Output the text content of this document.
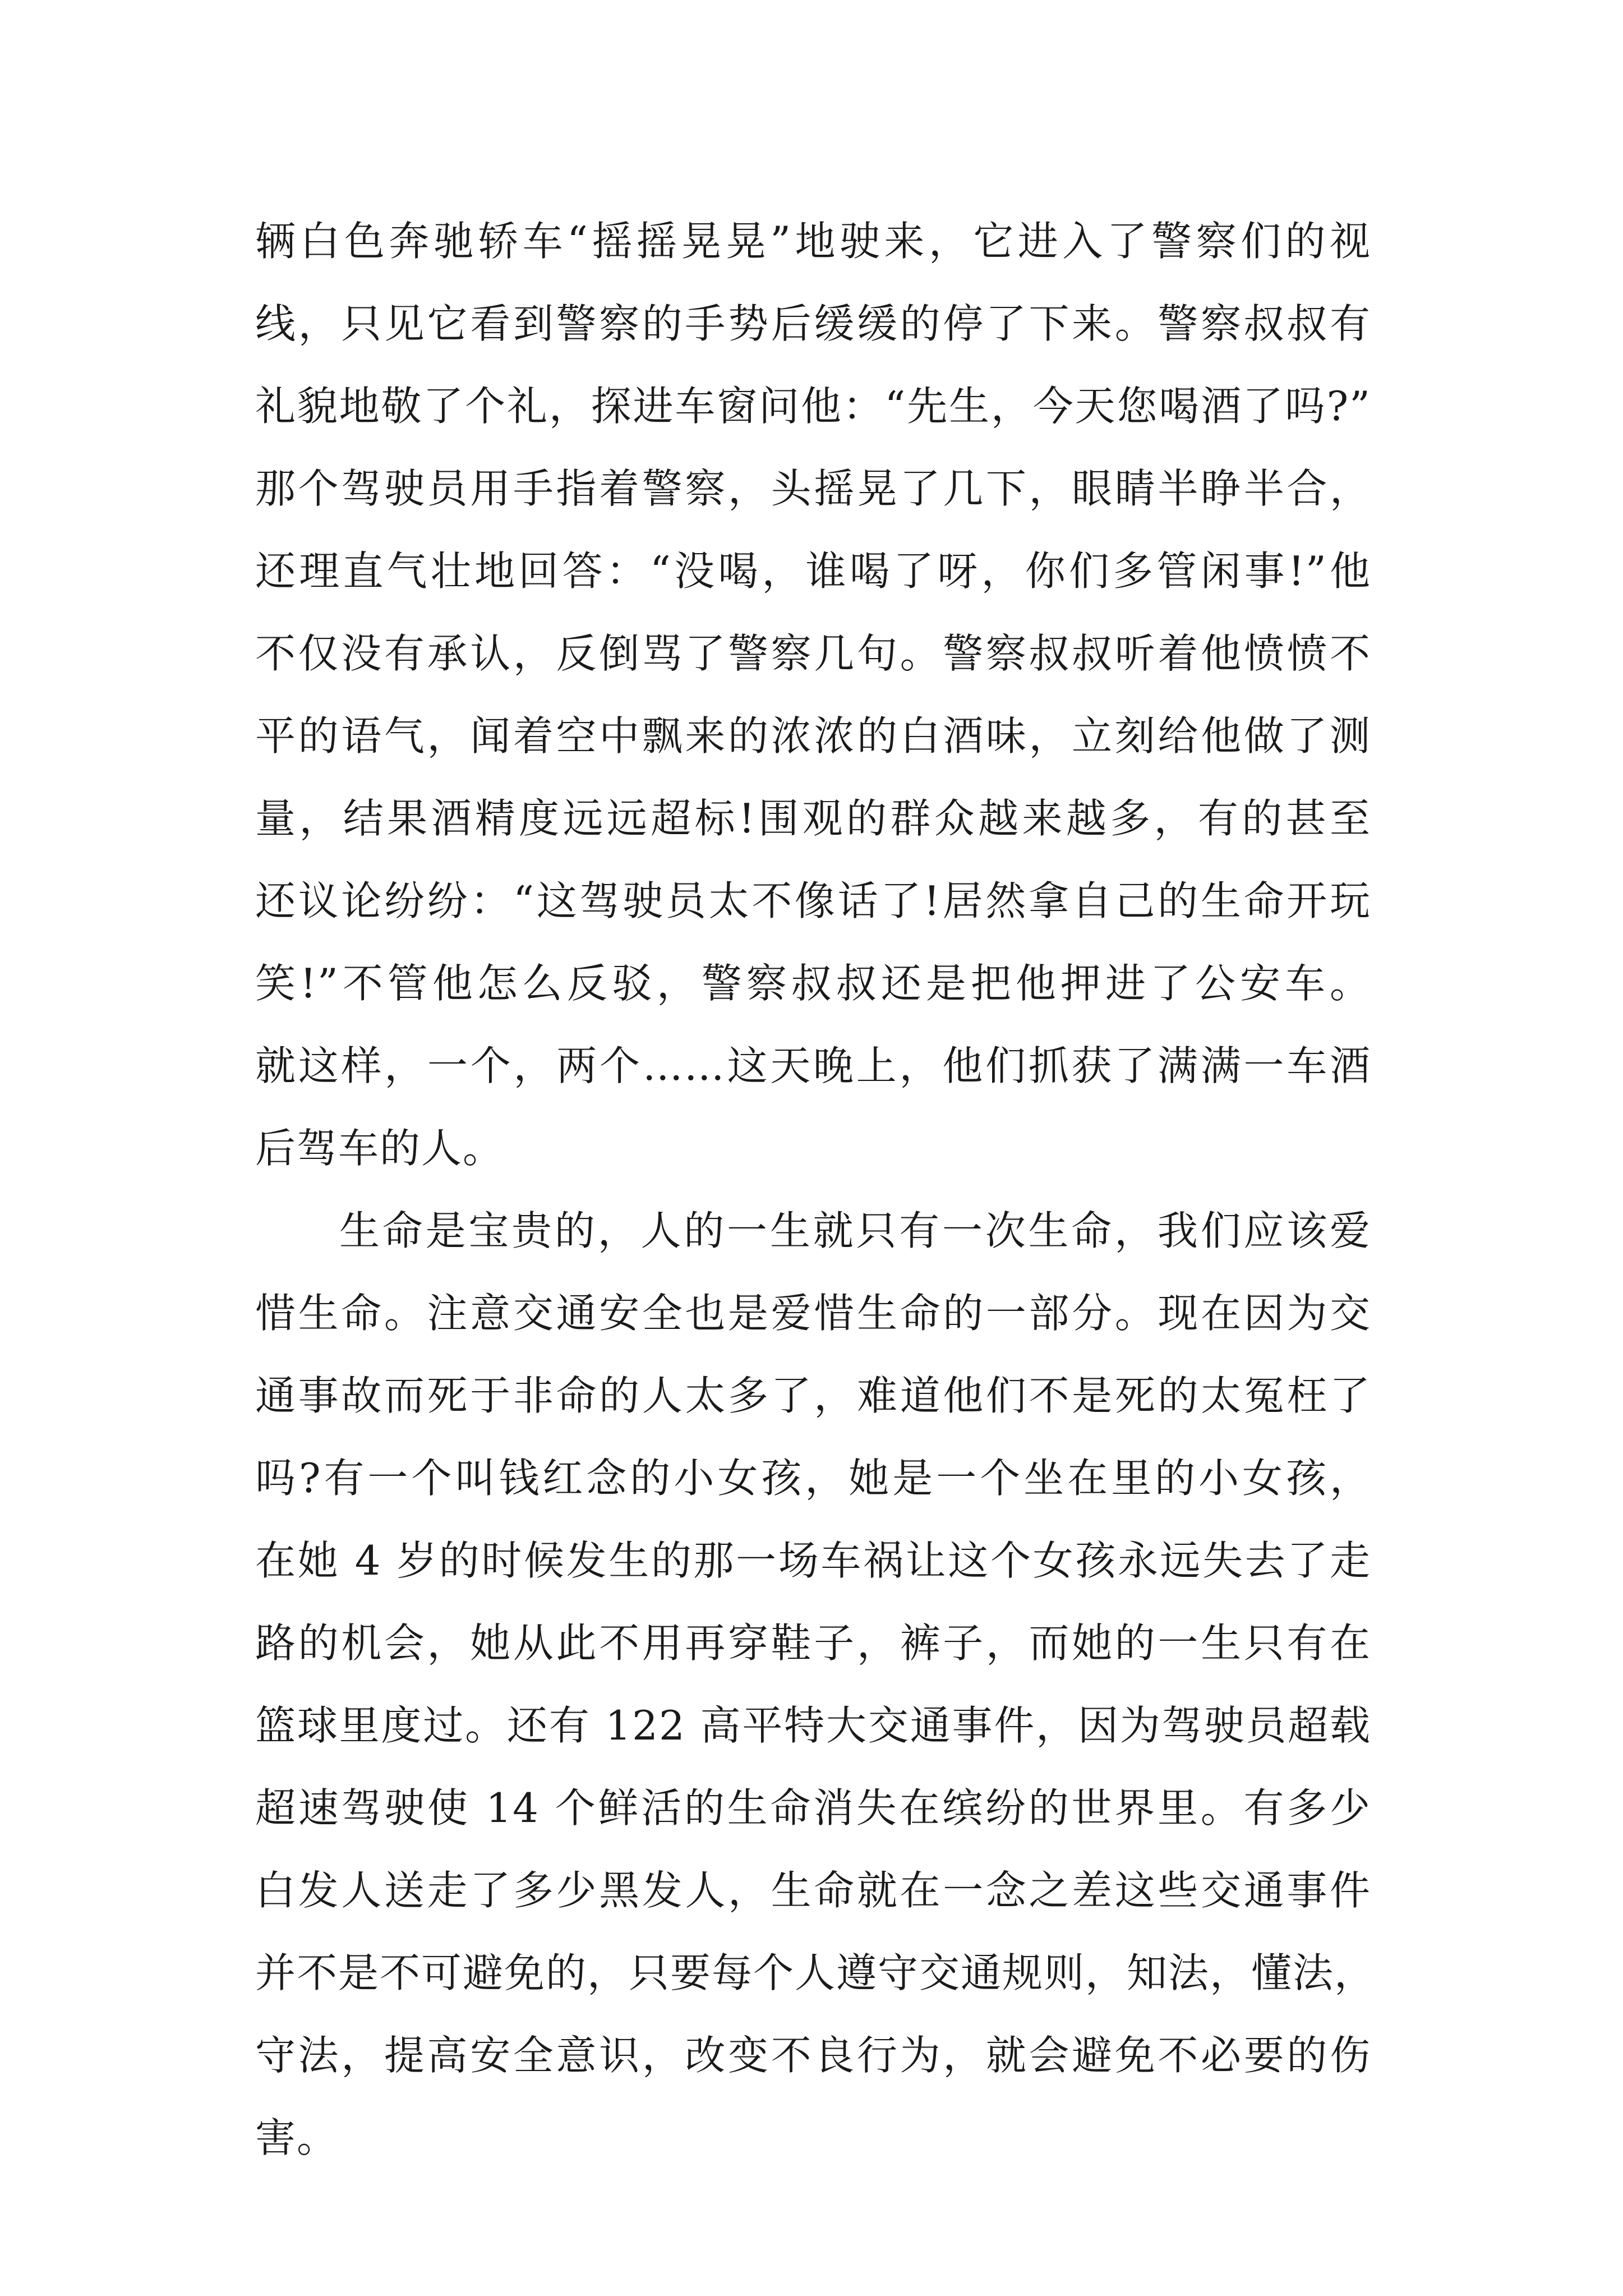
辆白色奔驰轿车“摇摇晃晃”地驶来，它进入了警察们的视
线，只见它看到警察的手势后缓缓的停了下来。警察叔叔有
礼貌地敬了个礼，探进车窗问他：“先生，今天您喝酒了吗?”
那个驾驶员用手指着警察，头摇晃了几下，眼睛半睁半合，
还理直气壮地回答：“没喝，谁喝了呀，你们多管闲事!”他
不仅没有承认，反倒骂了警察几句。警察叔叔听着他愤愤不
平的语气，闻着空中飘来的浓浓的白酒味，立刻给他做了测
量，结果酒精度远远超标!围观的群众越来越多，有的甚至
还议论纷纷：“这驾驶员太不像话了!居然拿自己的生命开玩
笑!”不管他怎么反驳，警察叔叔还是把他押进了公安车。
就这样，一个，两个……这天晚上，他们抓获了满满一车酒
后驾车的人。
生命是宝贵的，人的一生就只有一次生命，我们应该爱
惜生命。注意交通安全也是爱惜生命的一部分。现在因为交
通事故而死于非命的人太多了，难道他们不是死的太冤枉了
吗?有一个叫钱红念的小女孩，她是一个坐在里的小女孩，
在她 4 岁的时候发生的那一场车祸让这个女孩永远失去了走
路的机会，她从此不用再穿鞋子，裤子，而她的一生只有在
篮球里度过。还有 122 高平特大交通事件，因为驾驶员超载
超速驾驶使 14 个鲜活的生命消失在缤纷的世界里。有多少
白发人送走了多少黑发人，生命就在一念之差这些交通事件
并不是不可避免的，只要每个人遵守交通规则，知法，懂法，
守法，提高安全意识，改变不良行为，就会避免不必要的伤
害。
